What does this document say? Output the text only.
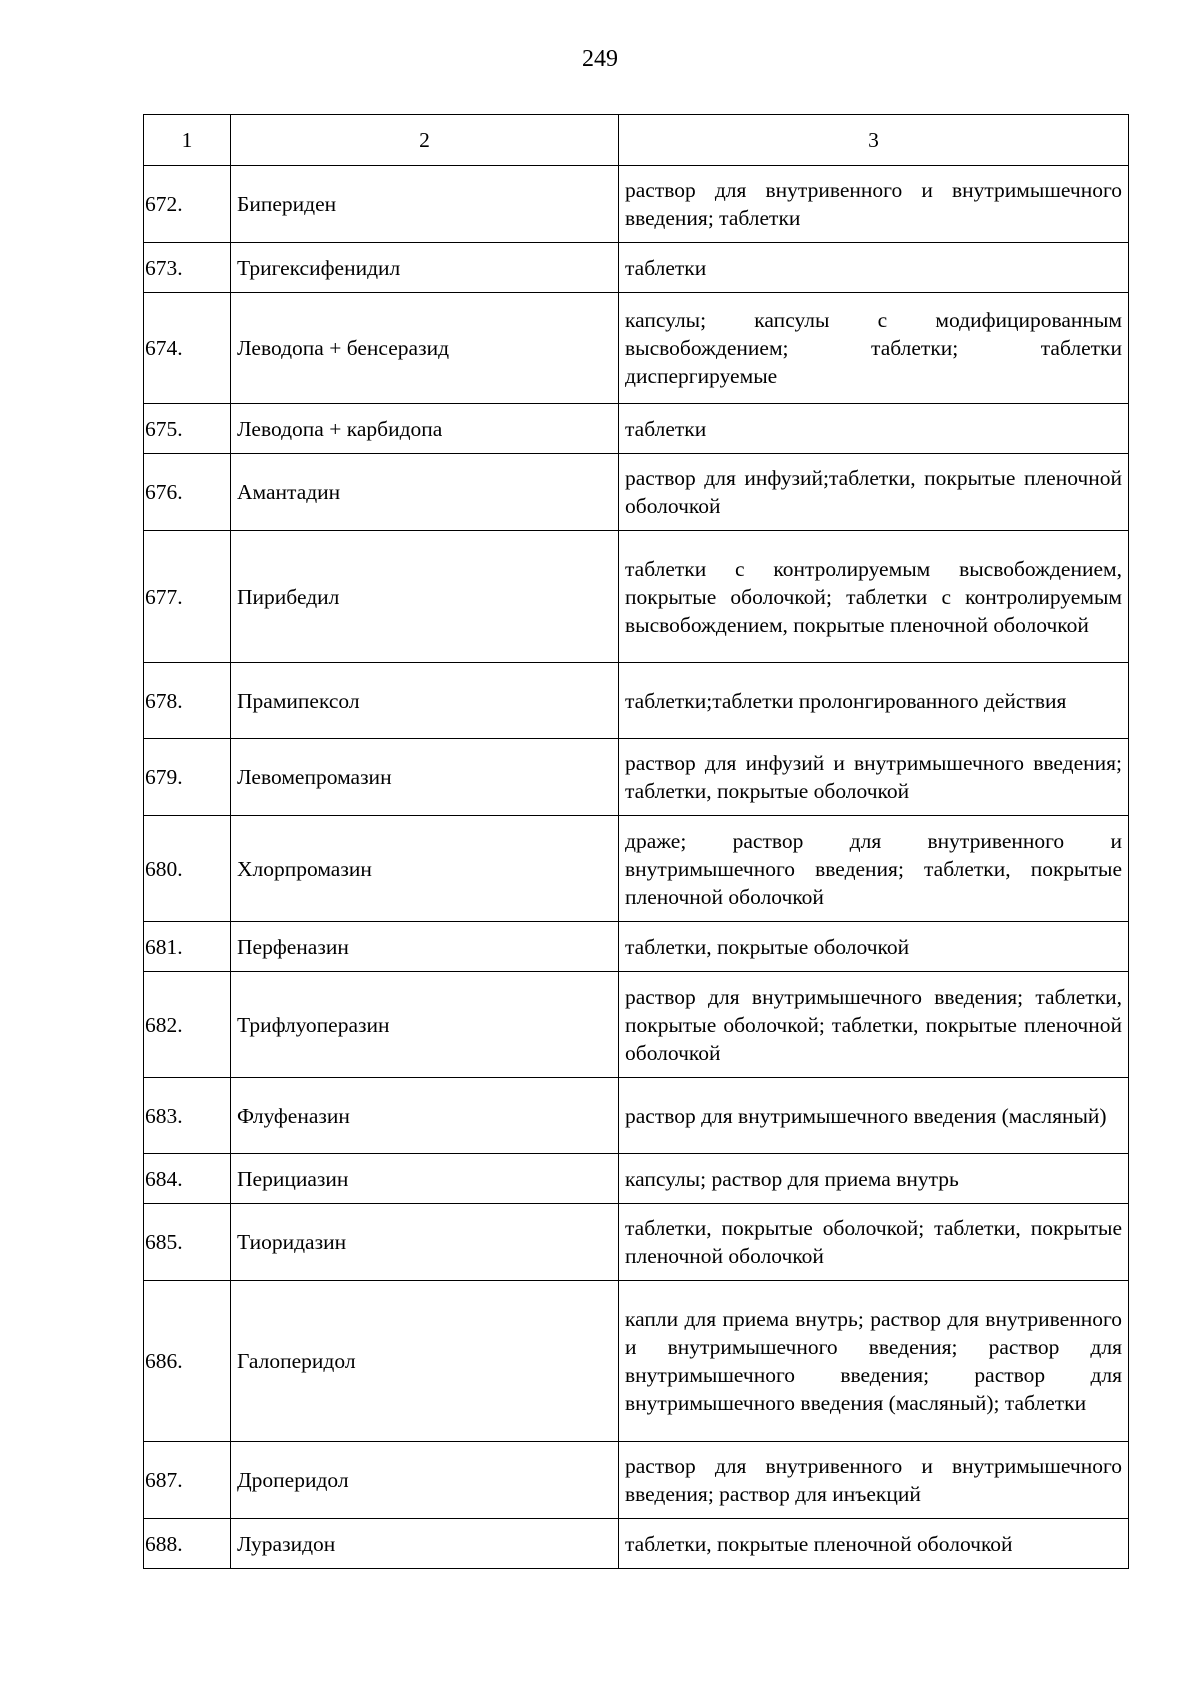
249
1	2	3
672.	Бипериден	раствор для внутривенного и внутримышечного введения; таблетки
673.	Тригексифенидил	таблетки
674.	Леводопа + бенсеразид	капсулы; капсулы с модифицированным высвобождением; таблетки; таблетки диспергируемые
675.	Леводопа + карбидопа	таблетки
676.	Амантадин	раствор для инфузий;таблетки, покрытые пленочной оболочкой
677.	Пирибедил	таблетки с контролируемым высвобождением, покрытые оболочкой; таблетки с контролируемым высвобождением, покрытые пленочной оболочкой
678.	Прамипексол	таблетки;таблетки пролонгированного действия
679.	Левомепромазин	раствор для инфузий и внутримышечного введения; таблетки, покрытые оболочкой
680.	Хлорпромазин	драже; раствор для внутривенного и внутримышечного введения; таблетки, покрытые пленочной оболочкой
681.	Перфеназин	таблетки, покрытые оболочкой
682.	Трифлуоперазин	раствор для внутримышечного введения; таблетки, покрытые оболочкой; таблетки, покрытые пленочной оболочкой
683.	Флуфеназин	раствор для внутримышечного введения (масляный)
684.	Перициазин	капсулы; раствор для приема внутрь
685.	Тиоридазин	таблетки, покрытые оболочкой; таблетки, покрытые пленочной оболочкой
686.	Галоперидол	капли для приема внутрь; раствор для внутривенного и внутримышечного введения; раствор для внутримышечного введения; раствор для внутримышечного введения (масляный); таблетки
687.	Дроперидол	раствор для внутривенного и внутримышечного введения; раствор для инъекций
688.	Луразидон	таблетки, покрытые пленочной оболочкой
